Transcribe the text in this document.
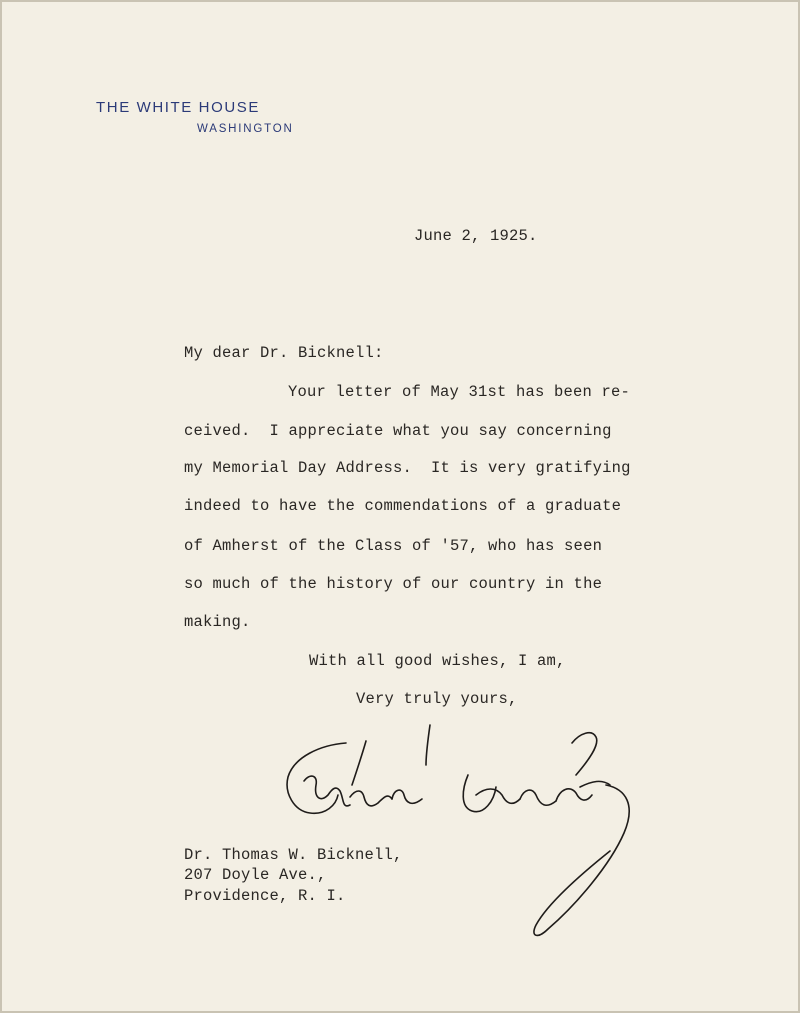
THE WHITE HOUSE
WASHINGTON
June 2, 1925.
My dear Dr. Bicknell:
Your letter of May 31st has been re-
ceived.  I appreciate what you say concerning
my Memorial Day Address.  It is very gratifying
indeed to have the commendations of a graduate
of Amherst of the Class of '57, who has seen
so much of the history of our country in the
making.
With all good wishes, I am,
Very truly yours,
Dr. Thomas W. Bicknell,
207 Doyle Ave.,
Providence, R. I.
